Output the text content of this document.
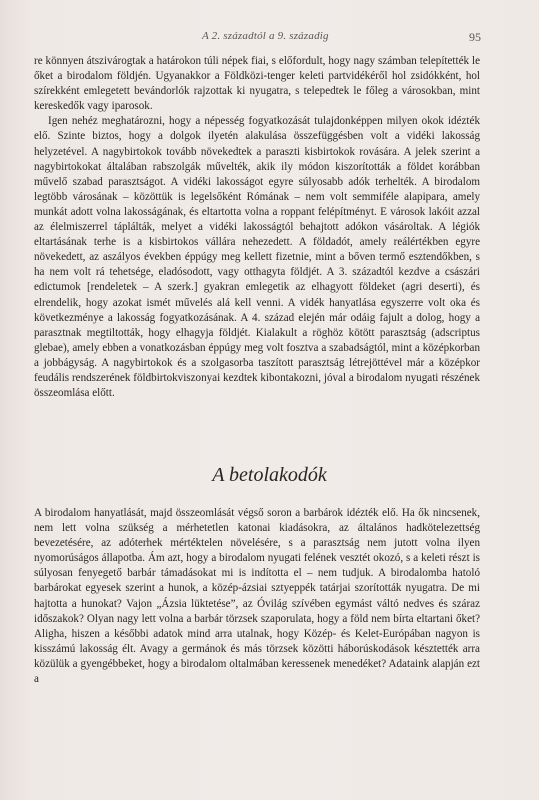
A 2. századtól a 9. századig	95

re könnyen átszivárogtak a határokon túli népek fiai, s előfordult, hogy nagy számban telepítették le őket a birodalom földjén. Ugyanakkor a Földközi-tenger keleti partvidékéről hol zsidókként, hol szírekként emlegetett bevándorlók rajzottak ki nyugatra, s telepedtek le főleg a városokban, mint kereskedők vagy iparosok.

Igen nehéz meghatározni, hogy a népesség fogyatkozását tulajdonképpen milyen okok idézték elő. Szinte biztos, hogy a dolgok ilyetén alakulása összefüggésben volt a vidéki lakosság helyzetével. A nagybirtokok tovább növekedtek a paraszti kisbirtokok rovására. A jelek szerint a nagybirtokokat általában rabszolgák művelték, akik ily módon kiszorították a földet korábban művelő szabad parasztságot. A vidéki lakosságot egyre súlyosabb adók terhelték. A birodalom legtöbb városának – közöttük is legelsőként Rómának – nem volt semmiféle alapipara, amely munkát adott volna lakosságának, és eltartotta volna a roppant felépítményt. E városok lakóit azzal az élelmiszerrel táplálták, melyet a vidéki lakosságtól behajtott adókon vásároltak. A légiók eltartásának terhe is a kisbirtokos vállára nehezedett. A földadót, amely reálértékben egyre növekedett, az aszályos években éppúgy meg kellett fizetnie, mint a bőven termő esztendőkben, s ha nem volt rá tehetsége, eladósodott, vagy otthagyta földjét. A 3. századtól kezdve a császári edictumok [rendeletek – A szerk.] gyakran emlegetik az elhagyott földeket (agri deserti), és elrendelik, hogy azokat ismét művelés alá kell venni. A vidék hanyatlása egyszerre volt oka és következménye a lakosság fogyatkozásának. A 4. század elején már odáig fajult a dolog, hogy a parasztnak megtiltották, hogy elhagyja földjét. Kialakult a röghöz kötött parasztság (adscriptus glebae), amely ebben a vonatkozásban éppúgy meg volt fosztva a szabadságtól, mint a középkorban a jobbágyság. A nagybirtokok és a szolgasorba taszított parasztság létrejöttével már a középkor feudális rendszerének földbirtokviszonyai kezdtek kibontakozni, jóval a birodalom nyugati részének összeomlása előtt.

A betolakodók

A birodalom hanyatlását, majd összeomlását végső soron a barbárok idézték elő. Ha ők nincsenek, nem lett volna szükség a mérhetetlen katonai kiadásokra, az általános hadkötelezettség bevezetésére, az adóterhek mértéktelen növelésére, s a parasztság nem jutott volna ilyen nyomorúságos állapotba. Ám azt, hogy a birodalom nyugati felének vesztét okozó, s a keleti részt is súlyosan fenyegető barbár támadásokat mi is indította el – nem tudjuk. A birodalomba hatoló barbárokat egyesek szerint a hunok, a közép-ázsiai sztyeppék tatárjai szorították nyugatra. De mi hajtotta a hunokat? Vajon „Ázsia lüktetése”, az Óvilág szívében egymást váltó nedves és száraz időszakok? Olyan nagy lett volna a barbár törzsek szaporulata, hogy a föld nem bírta eltartani őket? Aligha, hiszen a későbbi adatok mind arra utalnak, hogy Közép- és Kelet-Európában nagyon is kisszámú lakosság élt. Avagy a germánok és más törzsek közötti háborúskodások késztették arra közülük a gyengébbeket, hogy a birodalom oltalmában keressenek menedéket? Adataink alapján ezt a
